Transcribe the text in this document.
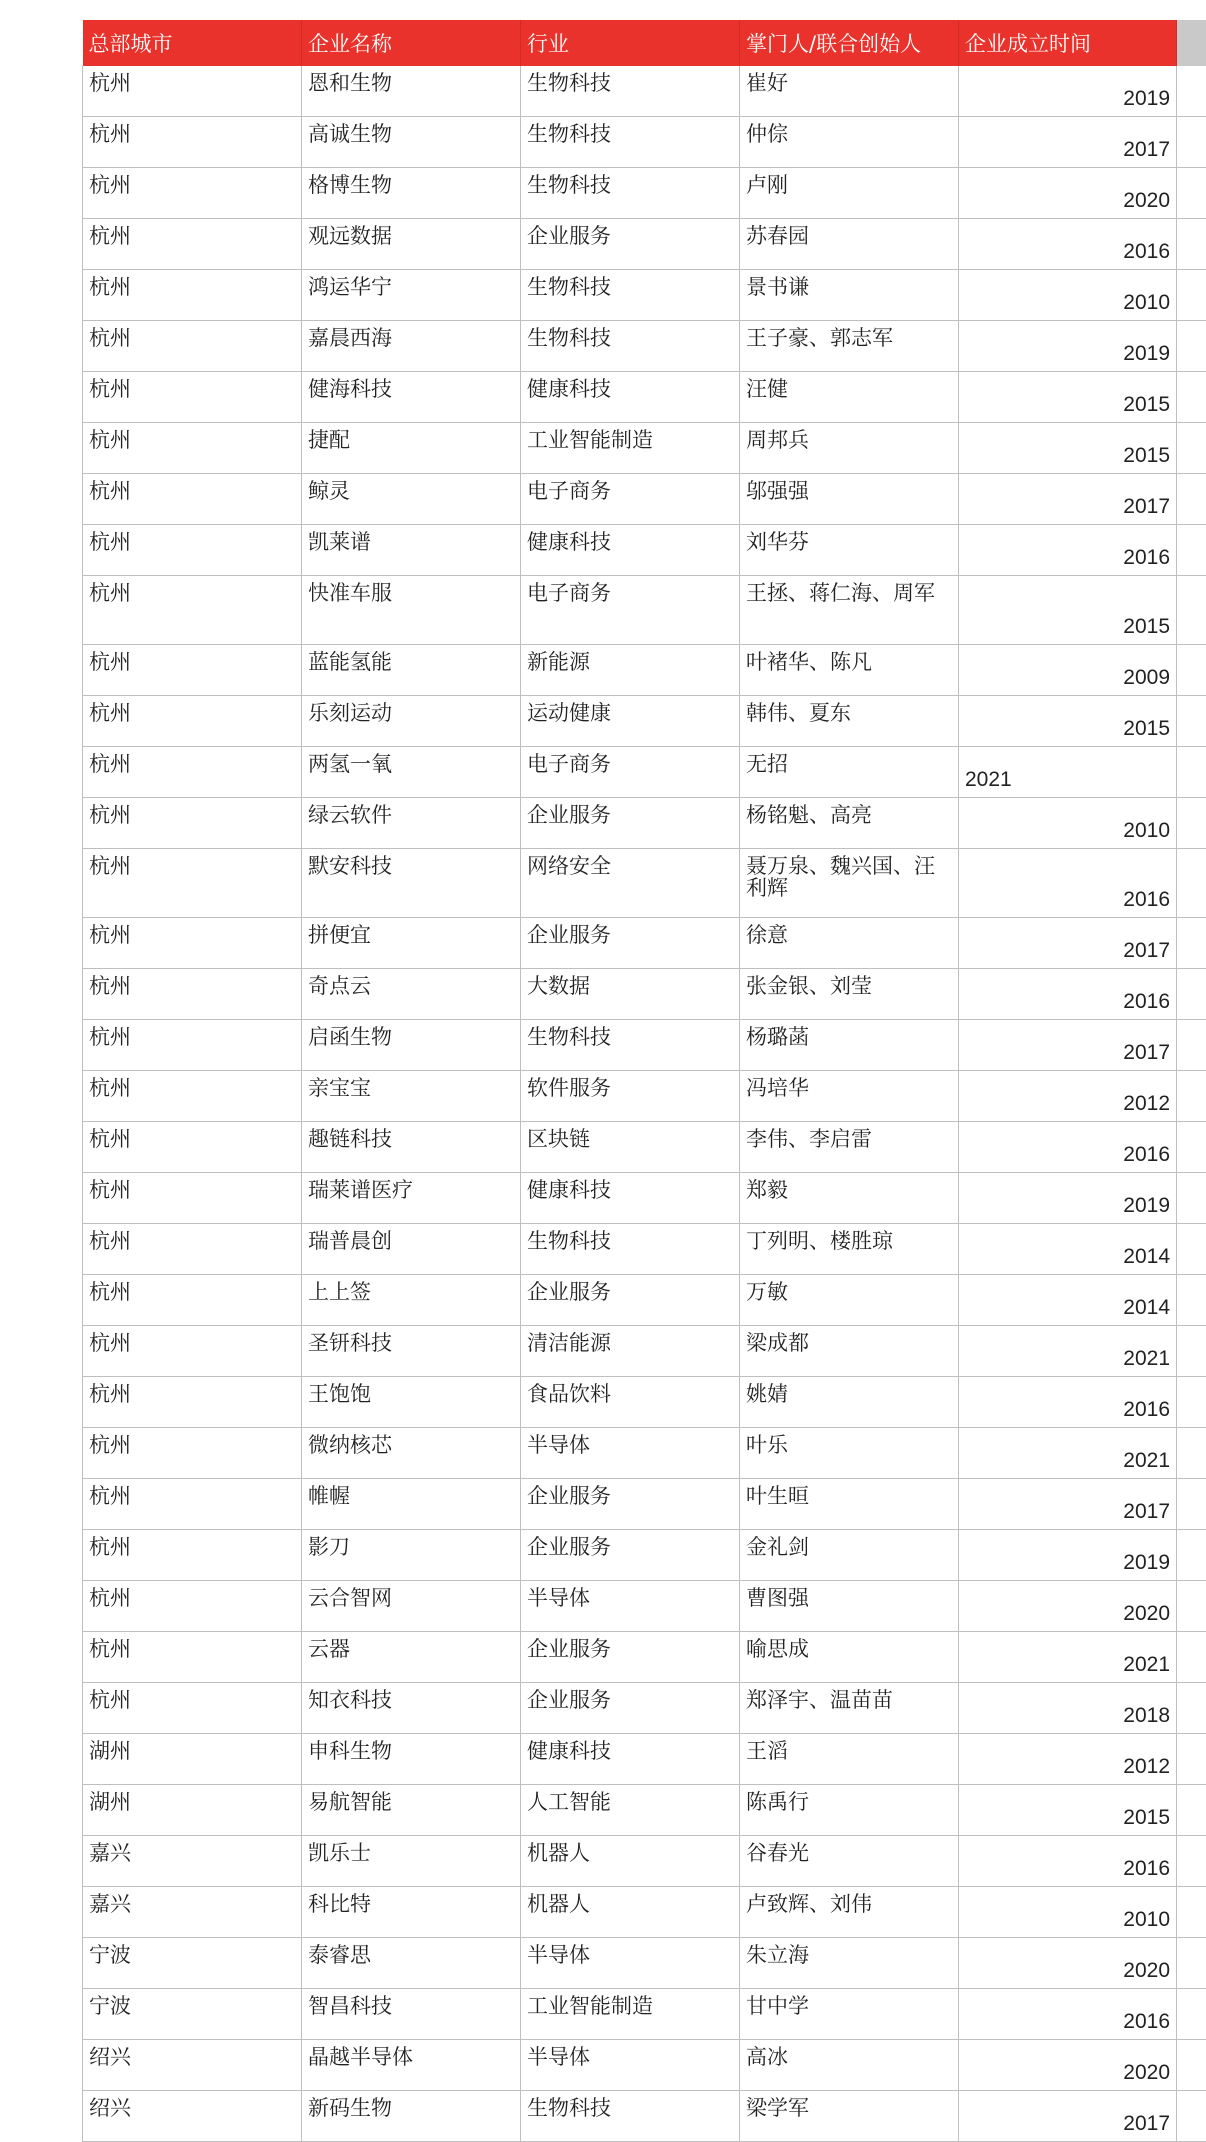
总部城市	企业名称	行业	掌门人/联合创始人	企业成立时间	

杭州	恩和生物	生物科技	崔好	2019	

杭州	高诚生物	生物科技	仲倧	2017	

杭州	格博生物	生物科技	卢刚	2020	

杭州	观远数据	企业服务	苏春园	2016	

杭州	鸿运华宁	生物科技	景书谦	2010	

杭州	嘉晨西海	生物科技	王子豪、郭志军	2019	

杭州	健海科技	健康科技	汪健	2015	

杭州	捷配	工业智能制造	周邦兵	2015	

杭州	鲸灵	电子商务	邬强强	2017	

杭州	凯莱谱	健康科技	刘华芬	2016	

杭州	快准车服	电子商务	王拯、蒋仁海、周军	2015	

杭州	蓝能氢能	新能源	叶褚华、陈凡	2009	

杭州	乐刻运动	运动健康	韩伟、夏东	2015	

杭州	两氢一氧	电子商务	无招	2021	

杭州	绿云软件	企业服务	杨铭魁、高亮	2010	

杭州	默安科技	网络安全	聂万泉、魏兴国、汪利辉	2016	

杭州	拼便宜	企业服务	徐意	2017	

杭州	奇点云	大数据	张金银、刘莹	2016	

杭州	启函生物	生物科技	杨璐菡	2017	

杭州	亲宝宝	软件服务	冯培华	2012	

杭州	趣链科技	区块链	李伟、李启雷	2016	

杭州	瑞莱谱医疗	健康科技	郑毅	2019	

杭州	瑞普晨创	生物科技	丁列明、楼胜琼	2014	

杭州	上上签	企业服务	万敏	2014	

杭州	圣钘科技	清洁能源	梁成都	2021	

杭州	王饱饱	食品饮料	姚婧	2016	

杭州	微纳核芯	半导体	叶乐	2021	

杭州	帷幄	企业服务	叶生晅	2017	

杭州	影刀	企业服务	金礼剑	2019	

杭州	云合智网	半导体	曹图强	2020	

杭州	云器	企业服务	喻思成	2021	

杭州	知衣科技	企业服务	郑泽宇、温苗苗	2018	

湖州	申科生物	健康科技	王滔	2012	

湖州	易航智能	人工智能	陈禹行	2015	

嘉兴	凯乐士	机器人	谷春光	2016	

嘉兴	科比特	机器人	卢致辉、刘伟	2010	

宁波	泰睿思	半导体	朱立海	2020	

宁波	智昌科技	工业智能制造	甘中学	2016	

绍兴	晶越半导体	半导体	高冰	2020	

绍兴	新码生物	生物科技	梁学军	2017	
